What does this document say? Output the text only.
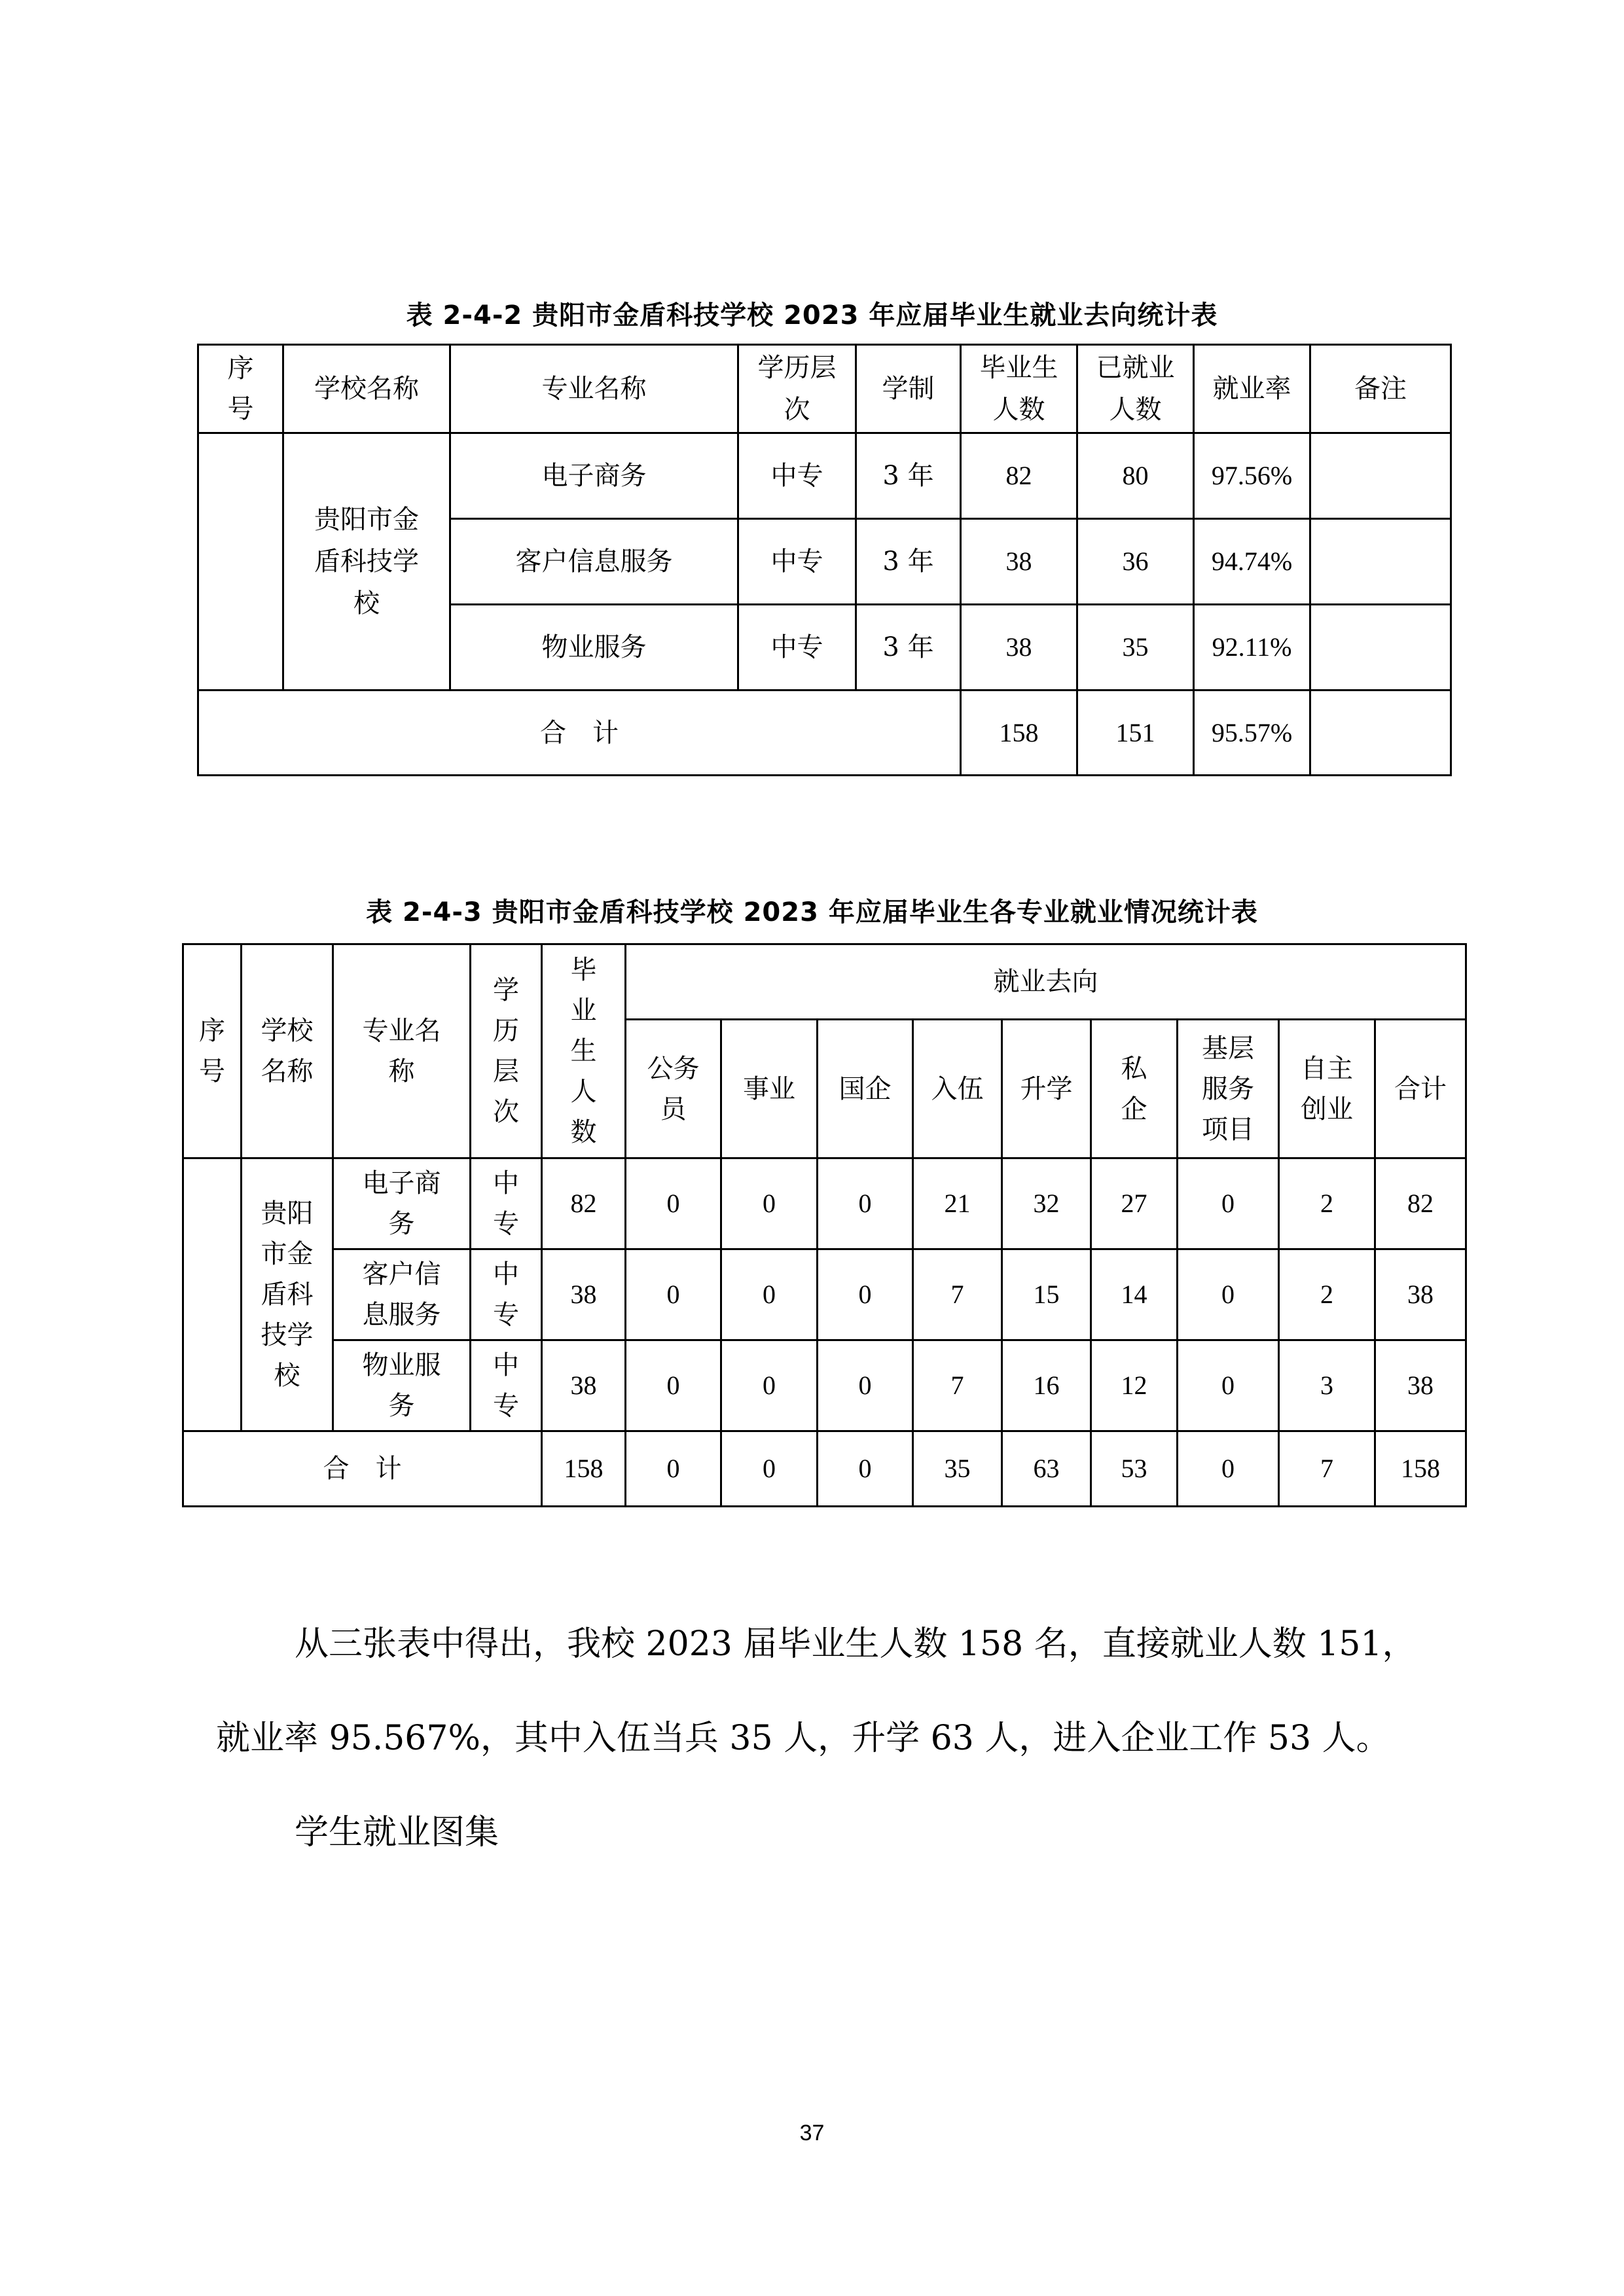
表 2-4-2 贵阳市金盾科技学校 2023 年应届毕业生就业去向统计表
序号	学校名称	专业名称	学历层次	学制	毕业生人数	已就业人数	就业率	备注
	贵阳市金盾科技学校	电子商务	中专	3 年	82	80	97.56%	
		客户信息服务	中专	3 年	38	36	94.74%	
		物业服务	中专	3 年	38	35	92.11%	
合　计					158	151	95.57%	
表 2-4-3 贵阳市金盾科技学校 2023 年应届毕业生各专业就业情况统计表
序号	学校名称	专业名称	学历层次	毕业生人数	就业去向								
					公务员	事业	国企	入伍	升学	私企	基层服务项目	自主创业	合计
	贵阳市金盾科技学校	电子商务	中专	82	0	0	0	21	32	27	0	2	82
		客户信息服务	中专	38	0	0	0	7	15	14	0	2	38
		物业服务	中专	38	0	0	0	7	16	12	0	3	38
合　计				158	0	0	0	35	63	53	0	7	158

从三张表中得出，我校 2023 届毕业生人数 158 名，直接就业人数 151，就业率 95.567%，其中入伍当兵 35 人，升学 63 人，进入企业工作 53 人。

学生就业图集

37
